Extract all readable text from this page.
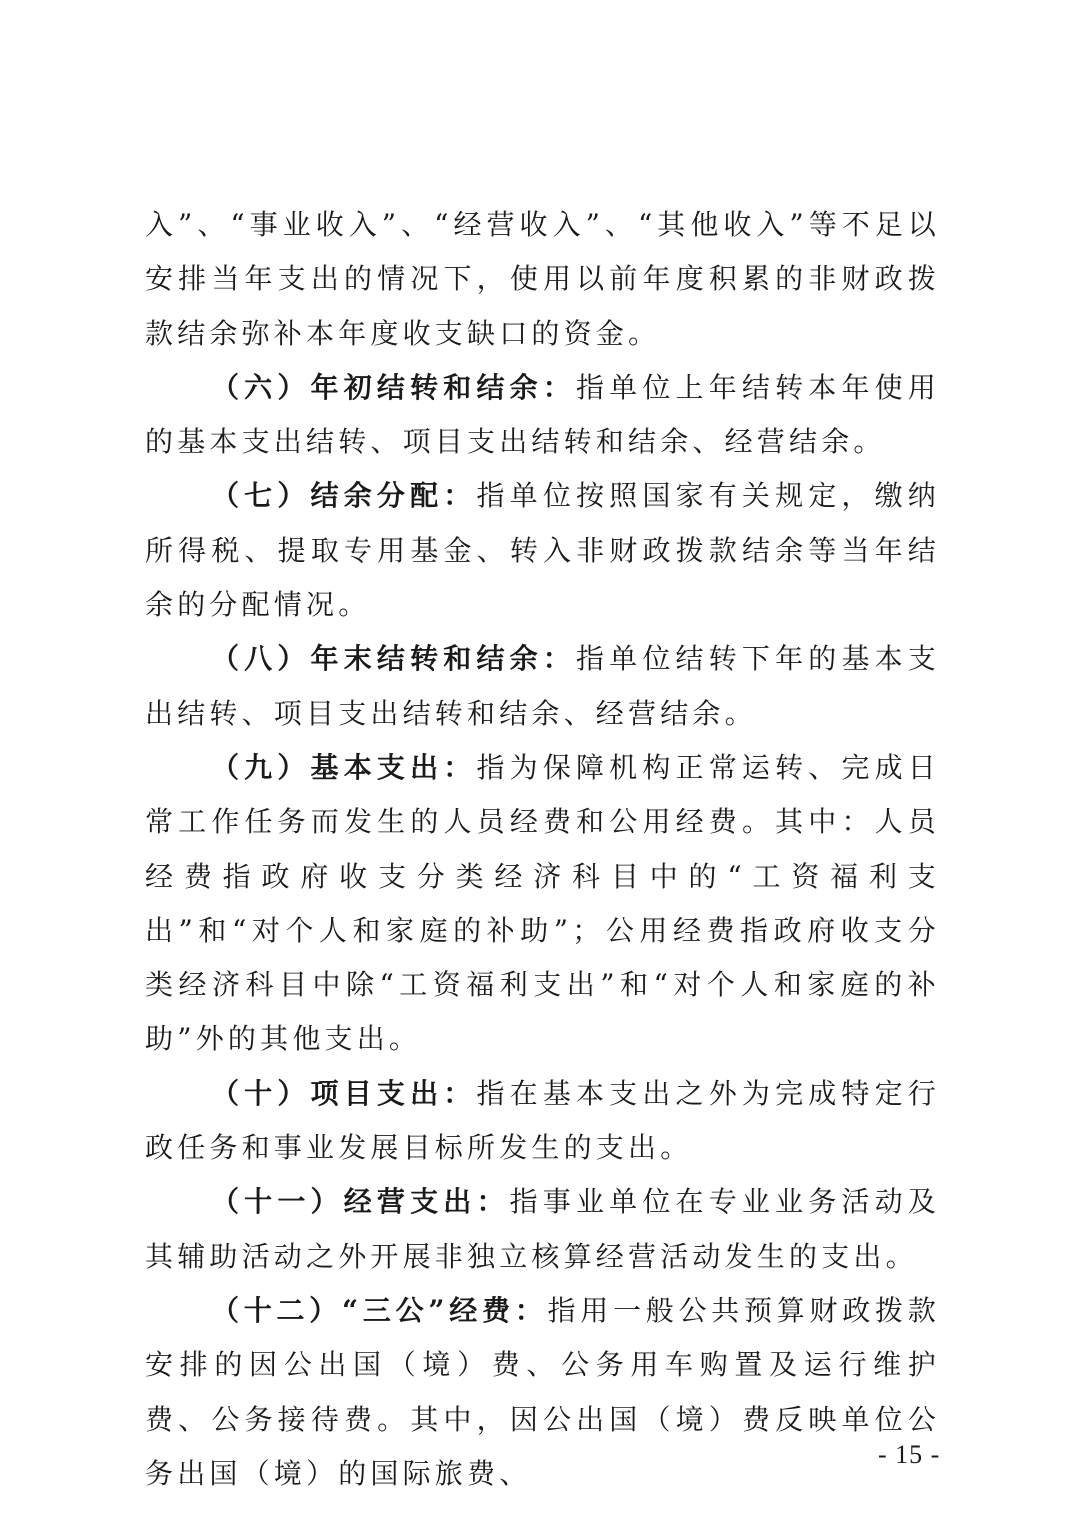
入”、“事业收入”、“经营收入”、“其他收入”等不足以安排当年支出的情况下，使用以前年度积累的非财政拨款结余弥补本年度收支缺口的资金。

（六）年初结转和结余：指单位上年结转本年使用的基本支出结转、项目支出结转和结余、经营结余。

（七）结余分配：指单位按照国家有关规定，缴纳所得税、提取专用基金、转入非财政拨款结余等当年结余的分配情况。

（八）年末结转和结余：指单位结转下年的基本支出结转、项目支出结转和结余、经营结余。

（九）基本支出：指为保障机构正常运转、完成日常工作任务而发生的人员经费和公用经费。其中：人员经费指政府收支分类经济科目中的“工资福利支出”和“对个人和家庭的补助”；公用经费指政府收支分类经济科目中除“工资福利支出”和“对个人和家庭的补助”外的其他支出。

（十）项目支出：指在基本支出之外为完成特定行政任务和事业发展目标所发生的支出。

（十一）经营支出：指事业单位在专业业务活动及其辅助活动之外开展非独立核算经营活动发生的支出。

（十二）“三公”经费：指用一般公共预算财政拨款安排的因公出国（境）费、公务用车购置及运行维护费、公务接待费。其中，因公出国（境）费反映单位公务出国（境）的国际旅费、

- 15 -
